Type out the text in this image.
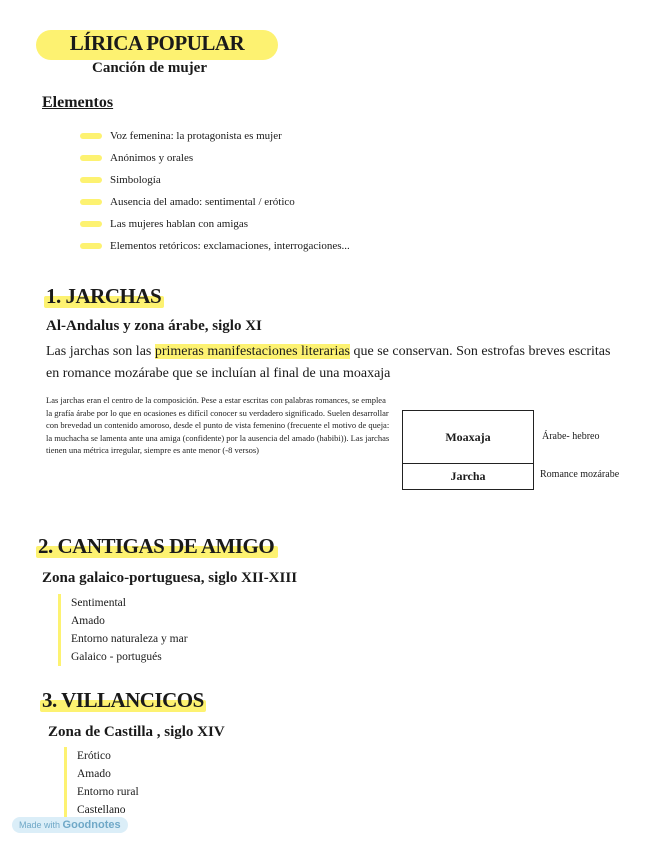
LÍRICA POPULAR
Canción de mujer
Elementos
Voz femenina: la protagonista es mujer
Anónimos y orales
Simbología
Ausencia del amado: sentimental / erótico
Las mujeres hablan con amigas
Elementos retóricos: exclamaciones, interrogaciones...
1. JARCHAS
Al-Andalus y zona árabe, siglo XI
Las jarchas son las primeras manifestaciones literarias que se conservan. Son estrofas breves escritas en romance mozárabe que se incluían al final de una moaxaja
Las jarchas eran el centro de la composición. Pese a estar escritas con palabras romances, se emplea la grafía árabe por lo que en ocasiones es difícil conocer su verdadero significado. Suelen desarrollar con brevedad un contenido amoroso, desde el punto de vista femenino (frecuente el motivo de queja: la muchacha se lamenta ante una amiga (confidente) por la ausencia del amado (habibi)). Las jarchas tienen una métrica irregular, siempre es ante menor (-8 versos)
Moaxaja
Jarcha
Árabe- hebreo
Romance mozárabe
2. CANTIGAS DE AMIGO
Zona galaico-portuguesa, siglo XII-XIII
Sentimental
Amado
Entorno naturaleza y mar
Galaico - portugués
3. VILLANCICOS
Zona de Castilla , siglo XIV
Erótico
Amado
Entorno rural
Castellano
Made with Goodnotes
